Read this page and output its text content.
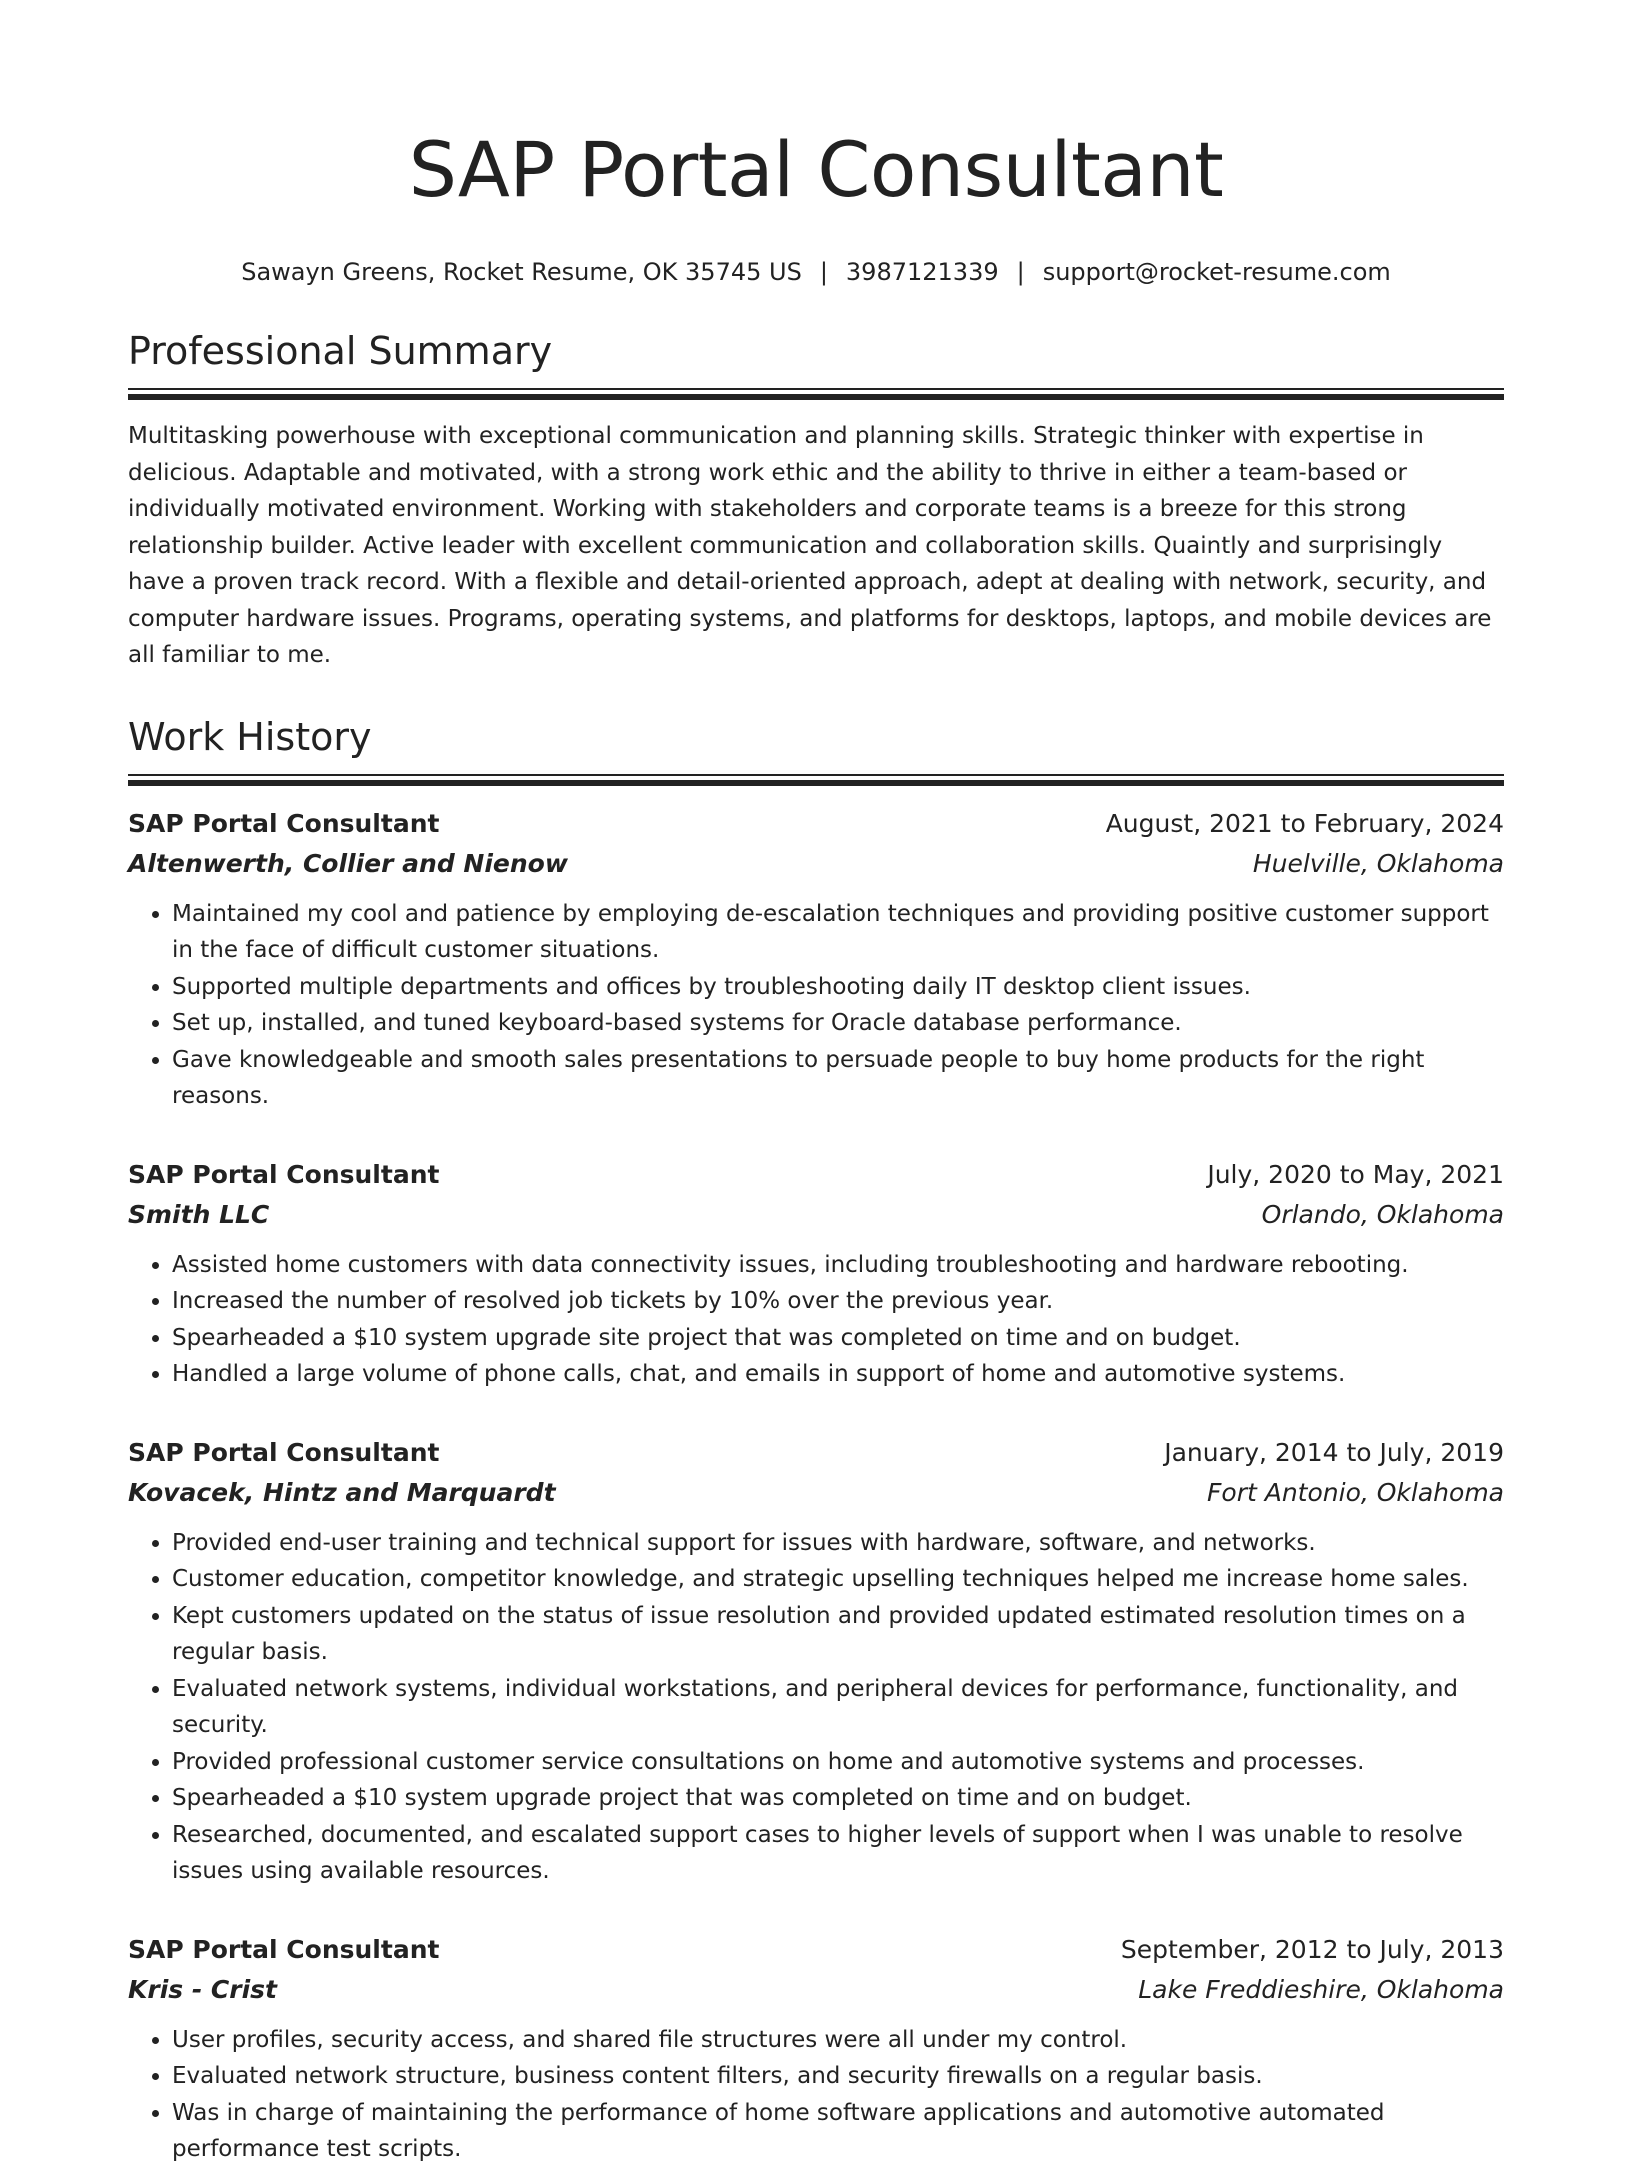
SAP Portal Consultant
Sawayn Greens, Rocket Resume, OK 35745 US | 3987121339 | support@rocket-resume.com
Professional Summary

Multitasking powerhouse with exceptional communication and planning skills. Strategic thinker with expertise in delicious. Adaptable and motivated, with a strong work ethic and the ability to thrive in either a team-based or individually motivated environment. Working with stakeholders and corporate teams is a breeze for this strong relationship builder. Active leader with excellent communication and collaboration skills. Quaintly and surprisingly have a proven track record. With a flexible and detail-oriented approach, adept at dealing with network, security, and computer hardware issues. Programs, operating systems, and platforms for desktops, laptops, and mobile devices are all familiar to me.

Work History
SAP Portal Consultant	August, 2021 to February, 2024
Altenwerth, Collier and Nienow	Huelville, Oklahoma
• Maintained my cool and patience by employing de-escalation techniques and providing positive customer support in the face of difficult customer situations.
• Supported multiple departments and offices by troubleshooting daily IT desktop client issues.
• Set up, installed, and tuned keyboard-based systems for Oracle database performance.
• Gave knowledgeable and smooth sales presentations to persuade people to buy home products for the right reasons.
SAP Portal Consultant	July, 2020 to May, 2021
Smith LLC	Orlando, Oklahoma
• Assisted home customers with data connectivity issues, including troubleshooting and hardware rebooting.
• Increased the number of resolved job tickets by 10% over the previous year.
• Spearheaded a $10 system upgrade site project that was completed on time and on budget.
• Handled a large volume of phone calls, chat, and emails in support of home and automotive systems.
SAP Portal Consultant	January, 2014 to July, 2019
Kovacek, Hintz and Marquardt	Fort Antonio, Oklahoma
• Provided end-user training and technical support for issues with hardware, software, and networks.
• Customer education, competitor knowledge, and strategic upselling techniques helped me increase home sales.
• Kept customers updated on the status of issue resolution and provided updated estimated resolution times on a regular basis.
• Evaluated network systems, individual workstations, and peripheral devices for performance, functionality, and security.
• Provided professional customer service consultations on home and automotive systems and processes.
• Spearheaded a $10 system upgrade project that was completed on time and on budget.
• Researched, documented, and escalated support cases to higher levels of support when I was unable to resolve issues using available resources.
SAP Portal Consultant	September, 2012 to July, 2013
Kris - Crist	Lake Freddieshire, Oklahoma
• User profiles, security access, and shared file structures were all under my control.
• Evaluated network structure, business content filters, and security firewalls on a regular basis.
• Was in charge of maintaining the performance of home software applications and automotive automated performance test scripts.
